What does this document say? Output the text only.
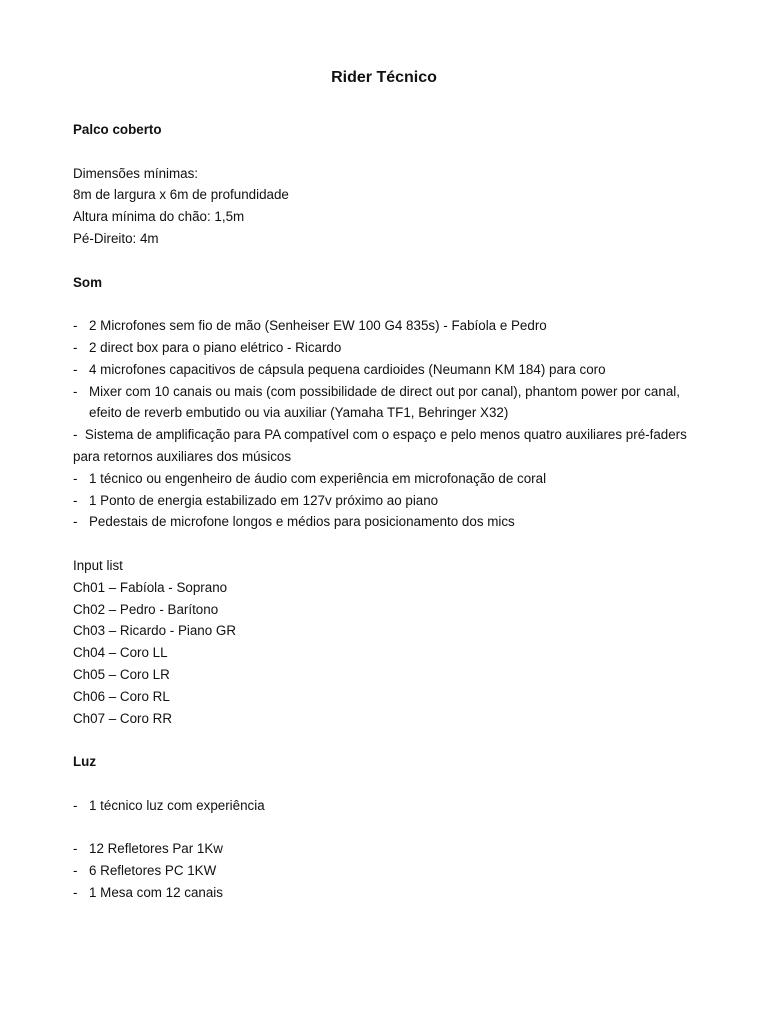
Rider Técnico
Palco coberto
Dimensões mínimas:
8m de largura x 6m de profundidade
Altura mínima do chão: 1,5m
Pé-Direito: 4m
Som
- 2 Microfones sem fio de mão (Senheiser EW 100 G4 835s) - Fabíola e Pedro
- 2 direct box para o piano elétrico - Ricardo
- 4 microfones capacitivos de cápsula pequena cardioides (Neumann KM 184) para coro
- Mixer com 10 canais ou mais (com possibilidade de direct out por canal), phantom power por canal, efeito de reverb embutido ou via auxiliar (Yamaha TF1, Behringer X32)
- Sistema de amplificação para PA compatível com o espaço e pelo menos quatro auxiliares pré-faders para retornos auxiliares dos músicos
- 1 técnico ou engenheiro de áudio com experiência em microfonação de coral
- 1 Ponto de energia estabilizado em 127v próximo ao piano
- Pedestais de microfone longos e médios para posicionamento dos mics
Input list
Ch01 – Fabíola - Soprano
Ch02 – Pedro - Barítono
Ch03 – Ricardo - Piano GR
Ch04 – Coro LL
Ch05 – Coro LR
Ch06 – Coro RL
Ch07 – Coro RR
Luz
- 1 técnico luz com experiência
- 12 Refletores Par 1Kw
- 6 Refletores PC 1KW
- 1 Mesa com 12 canais
